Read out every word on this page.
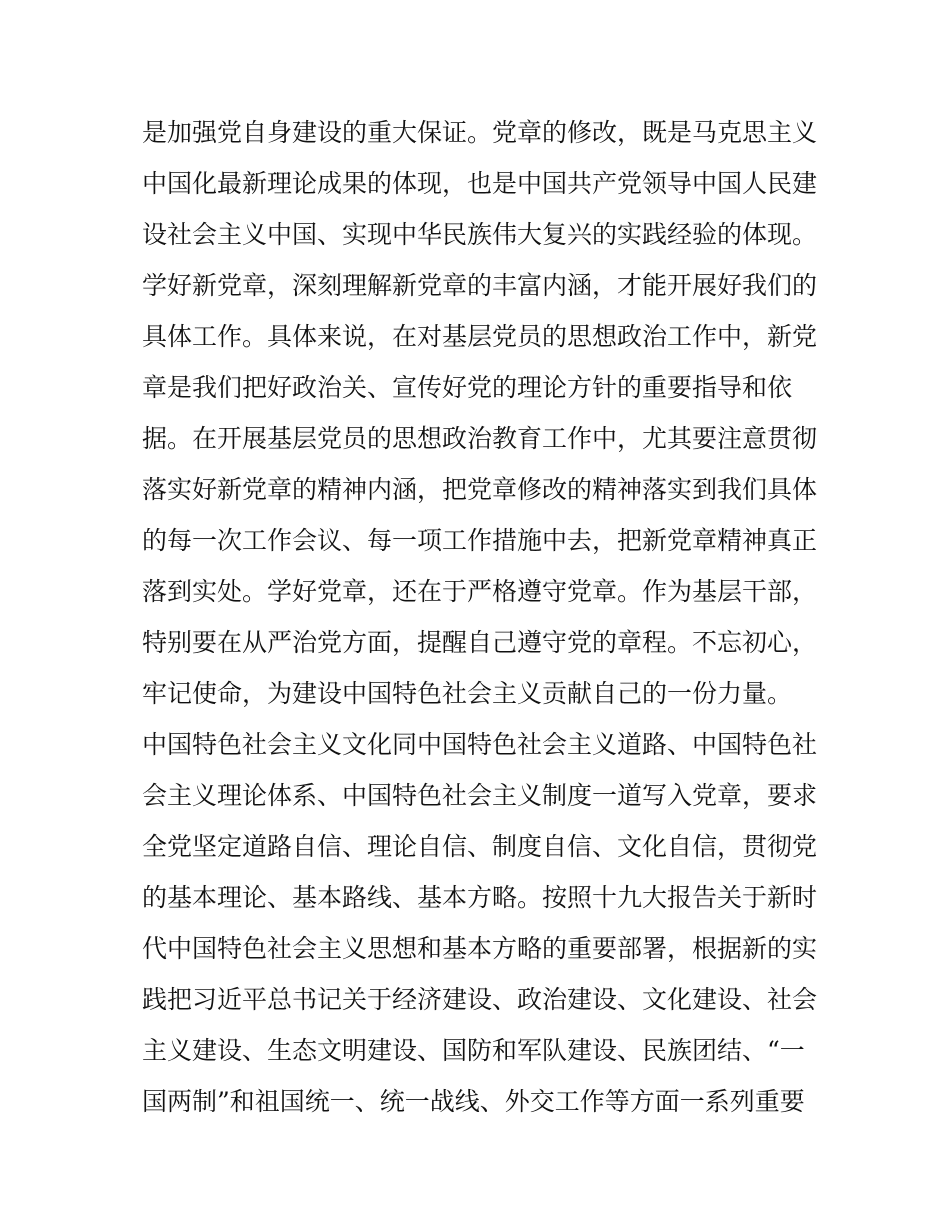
是加强党自身建设的重大保证。党章的修改，既是马克思主义
中国化最新理论成果的体现，也是中国共产党领导中国人民建
设社会主义中国、实现中华民族伟大复兴的实践经验的体现。
学好新党章，深刻理解新党章的丰富内涵，才能开展好我们的
具体工作。具体来说，在对基层党员的思想政治工作中，新党
章是我们把好政治关、宣传好党的理论方针的重要指导和依
据。在开展基层党员的思想政治教育工作中，尤其要注意贯彻
落实好新党章的精神内涵，把党章修改的精神落实到我们具体
的每一次工作会议、每一项工作措施中去，把新党章精神真正
落到实处。学好党章，还在于严格遵守党章。作为基层干部，
特别要在从严治党方面，提醒自己遵守党的章程。不忘初心，
牢记使命，为建设中国特色社会主义贡献自己的一份力量。
中国特色社会主义文化同中国特色社会主义道路、中国特色社
会主义理论体系、中国特色社会主义制度一道写入党章，要求
全党坚定道路自信、理论自信、制度自信、文化自信，贯彻党
的基本理论、基本路线、基本方略。按照十九大报告关于新时
代中国特色社会主义思想和基本方略的重要部署，根据新的实
践把习近平总书记关于经济建设、政治建设、文化建设、社会
主义建设、生态文明建设、国防和军队建设、民族团结、“一
国两制”和祖国统一、统一战线、外交工作等方面一系列重要
